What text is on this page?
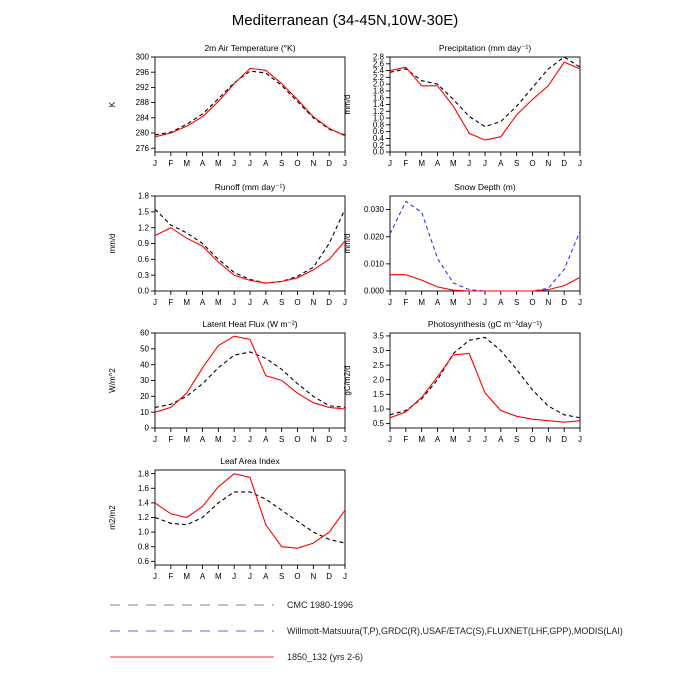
Mediterranean (34-45N,10W-30E)
2m Air Temperature (°K)
K
276
280
284
288
292
296
300
J F M A M J J A S O N D J
Precipitation (mm day⁻¹)
mm/d
0.0
0.2
0.4
0.6
0.8
1.0
1.2
1.4
1.6
1.8
2.0
2.2
2.4
2.6
2.8
J F M A M J J A S O N D J
Runoff (mm day⁻¹)
mm/d
0.0
0.3
0.6
0.9
1.2
1.5
1.8
J F M A M J J A S O N D J
Snow Depth (m)
mm/d
0.000
0.010
0.020
0.030
J F M A M J J A S O N D J
Latent Heat Flux (W m⁻²)
W/m^2
0
10
20
30
40
50
60
J F M A M J J A S O N D J
Photosynthesis (gC m⁻²day⁻¹)
gC/m2/d
0.5
1.0
1.5
2.0
2.5
3.0
3.5
J F M A M J J A S O N D J
Leaf Area Index
m2/m2
0.6
0.8
1.0
1.2
1.4
1.6
1.8
J F M A M J J A S O N D J
CMC 1980-1996
Willmott-Matsuura(T,P),GRDC(R),USAF/ETAC(S),FLUXNET(LHF,GPP),MODIS(LAI)
1850_132 (yrs 2-6)
